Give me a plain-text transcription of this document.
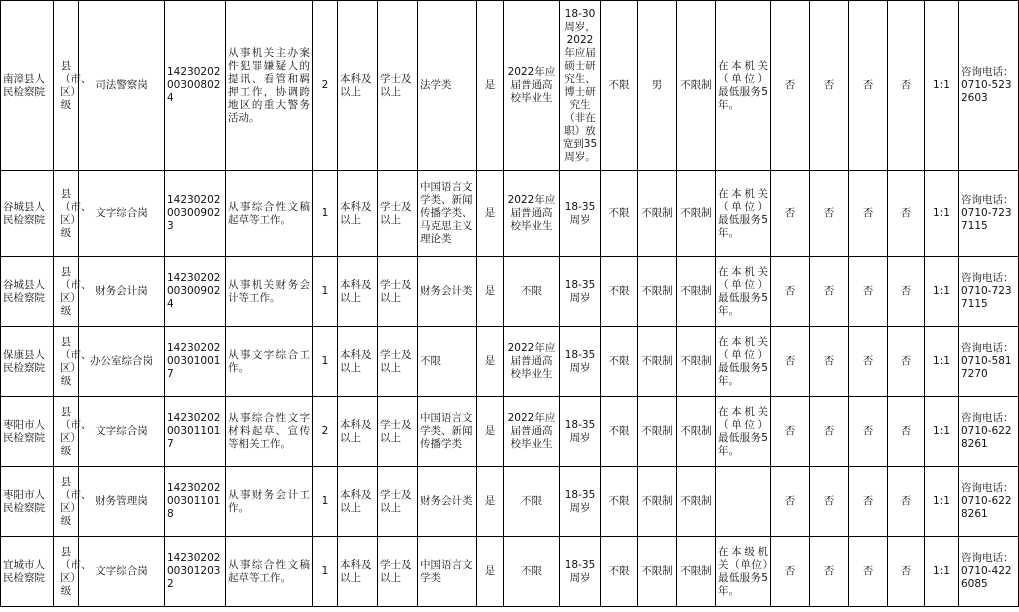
南漳县人民检察院	县（市、区）级	司法警察岗	14230202003008024	从事机关主办案件犯罪嫌疑人的提讯、看管和羁押工作，协调跨地区的重大警务活动。	2	本科及以上	学士及以上	法学类	是	2022年应届普通高校毕业生	18-30周岁，2022年应届硕士研究生、博士研究生（非在职）放宽到35周岁。	不限	男	不限制	在本机关（单位）最低服务5年。	否	否	否	否	1:1	咨询电话：0710-5232603
谷城县人民检察院	县（市、区）级	文字综合岗	14230202003009023	从事综合性文稿起草等工作。	1	本科及以上	学士及以上	中国语言文学类、新闻传播学类、马克思主义理论类	是	2022年应届普通高校毕业生	18-35周岁	不限	不限制	不限制	在本机关（单位）最低服务5年。	否	否	否	否	1:1	咨询电话：0710-7237115
谷城县人民检察院	县（市、区）级	财务会计岗	14230202003009024	从事机关财务会计等工作。	1	本科及以上	学士及以上	财务会计类	是	不限	18-35周岁	不限	不限制	不限制	在本机关（单位）最低服务5年。	否	否	否	否	1:1	咨询电话：0710-7237115
保康县人民检察院	县（市、区）级	办公室综合岗	14230202003010017	从事文字综合工作。	1	本科及以上	学士及以上	不限	是	2022年应届普通高校毕业生	18-35周岁	不限	不限制	不限制	在本机关（单位）最低服务5年。	否	否	否	否	1:1	咨询电话：0710-5817270
枣阳市人民检察院	县（市、区）级	文字综合岗	14230202003011017	从事综合性文字材料起草、宣传等相关工作。	2	本科及以上	学士及以上	中国语言文学类、新闻传播学类	是	2022年应届普通高校毕业生	18-35周岁	不限	不限制	不限制	在本机关（单位）最低服务5年。	否	否	否	否	1:1	咨询电话：0710-6228261
枣阳市人民检察院	县（市、区）级	财务管理岗	14230202003011018	从事财务会计工作。	1	本科及以上	学士及以上	财务会计类	是	不限	18-35周岁	不限	不限制	不限制		否	否	否	否	1:1	咨询电话：0710-6228261
宜城市人民检察院	县（市、区）级	文字综合岗	14230202003012032	从事综合性文稿起草等工作。	1	本科及以上	学士及以上	中国语言文学类	是	不限	18-35周岁	不限	不限制	不限制	在本级机关（单位）最低服务5年。	否	否	否	否	1:1	咨询电话：0710-4226085
